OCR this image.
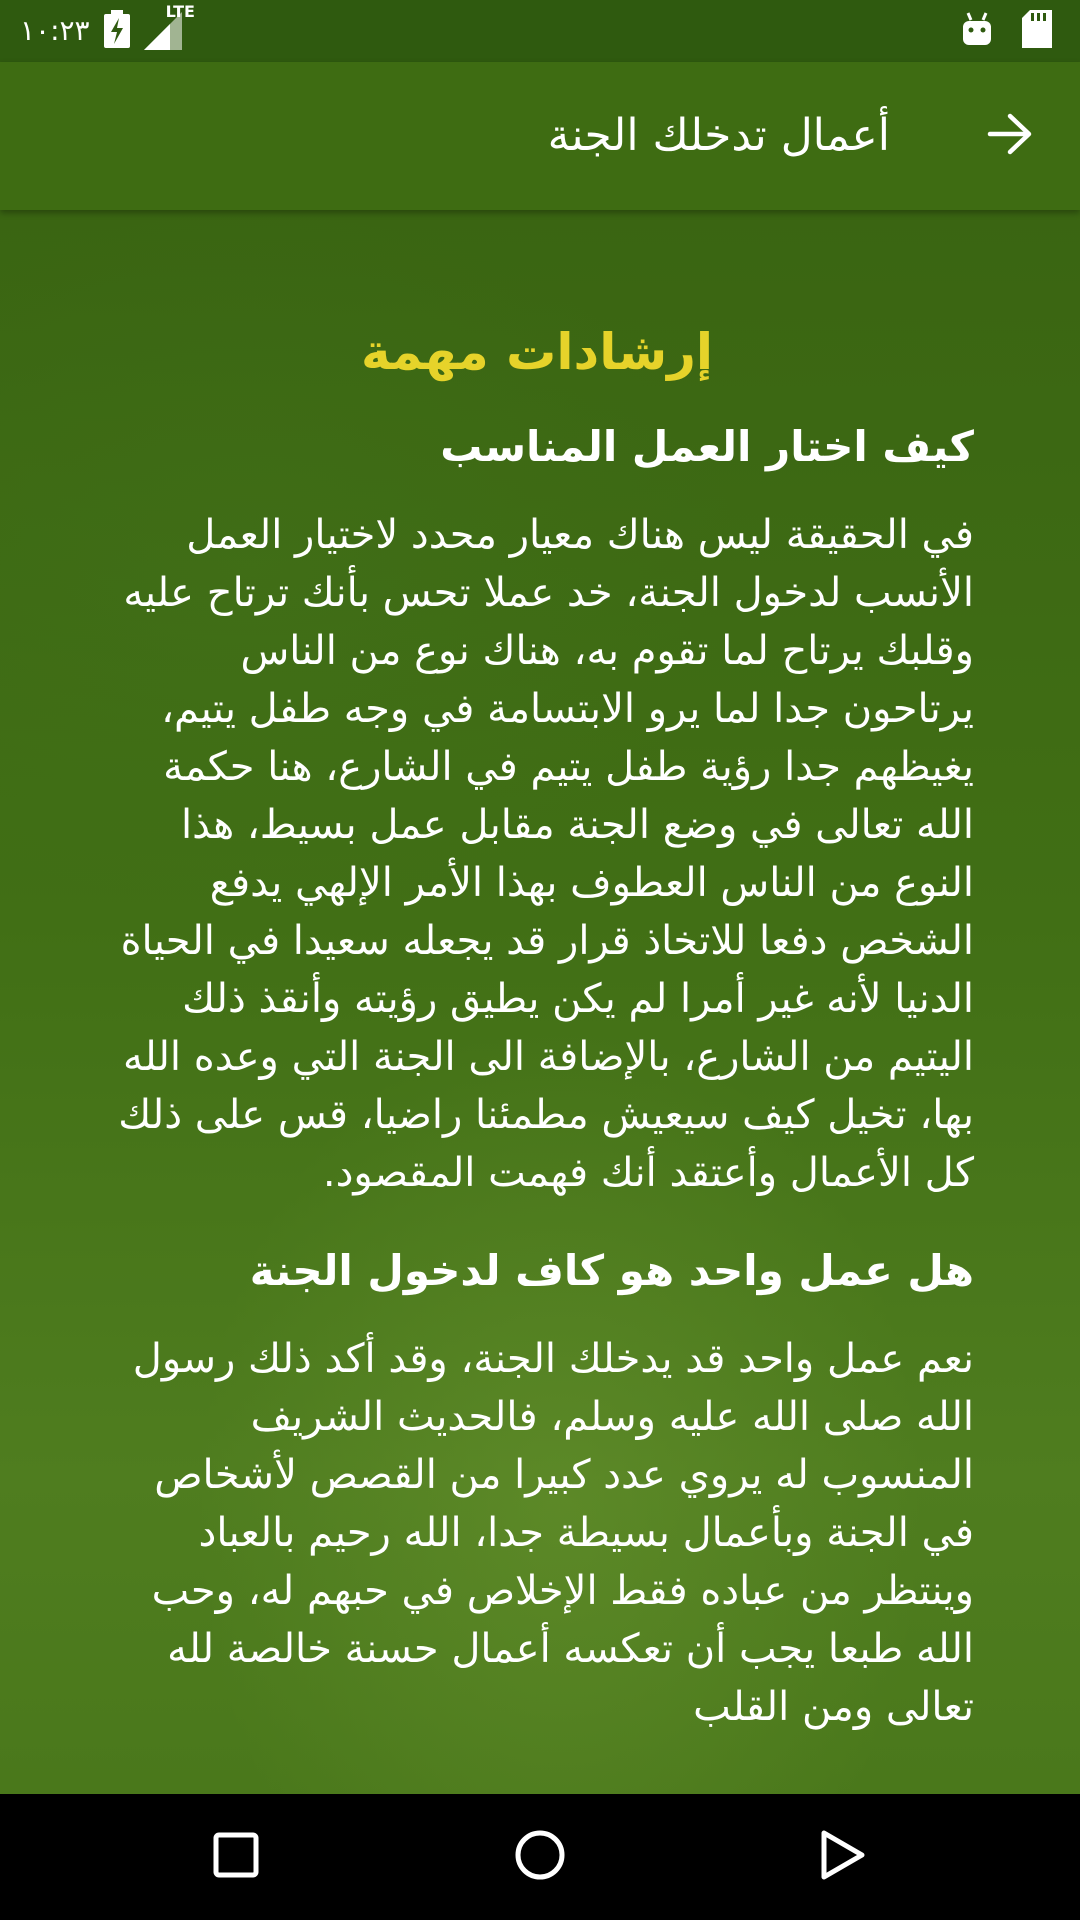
١٠:٢٣
LTE
أعمال تدخلك الجنة
إرشادات مهمة
كيف اختار العمل المناسب
في الحقيقة ليس هناك معيار محدد لاختيار العمل الأنسب لدخول الجنة، خد عملا تحس بأنك ترتاح عليه وقلبك يرتاح لما تقوم به، هناك نوع من الناس يرتاحون جدا لما يرو الابتسامة في وجه طفل يتيم، يغيظهم جدا رؤية طفل يتيم في الشارع، هنا حكمة الله تعالى في وضع الجنة مقابل عمل بسيط، هذا النوع من الناس العطوف بهذا الأمر الإلهي يدفع الشخص دفعا للاتخاذ قرار قد يجعله سعيدا في الحياة الدنيا لأنه غير أمرا لم يكن يطيق رؤيته وأنقذ ذلك اليتيم من الشارع، بالإضافة الى الجنة التي وعده الله بها، تخيل كيف سيعيش مطمئنا راضيا، قس على ذلك كل الأعمال وأعتقد أنك فهمت المقصود.
هل عمل واحد هو كاف لدخول الجنة
نعم عمل واحد قد يدخلك الجنة، وقد أكد ذلك رسول الله صلى الله عليه وسلم، فالحديث الشريف المنسوب له يروي عدد كبيرا من القصص لأشخاص في الجنة وبأعمال بسيطة جدا، الله رحيم بالعباد وينتظر من عباده فقط الإخلاص في حبهم له، وحب الله طبعا يجب أن تعكسه أعمال حسنة خالصة لله تعالى ومن القلب
